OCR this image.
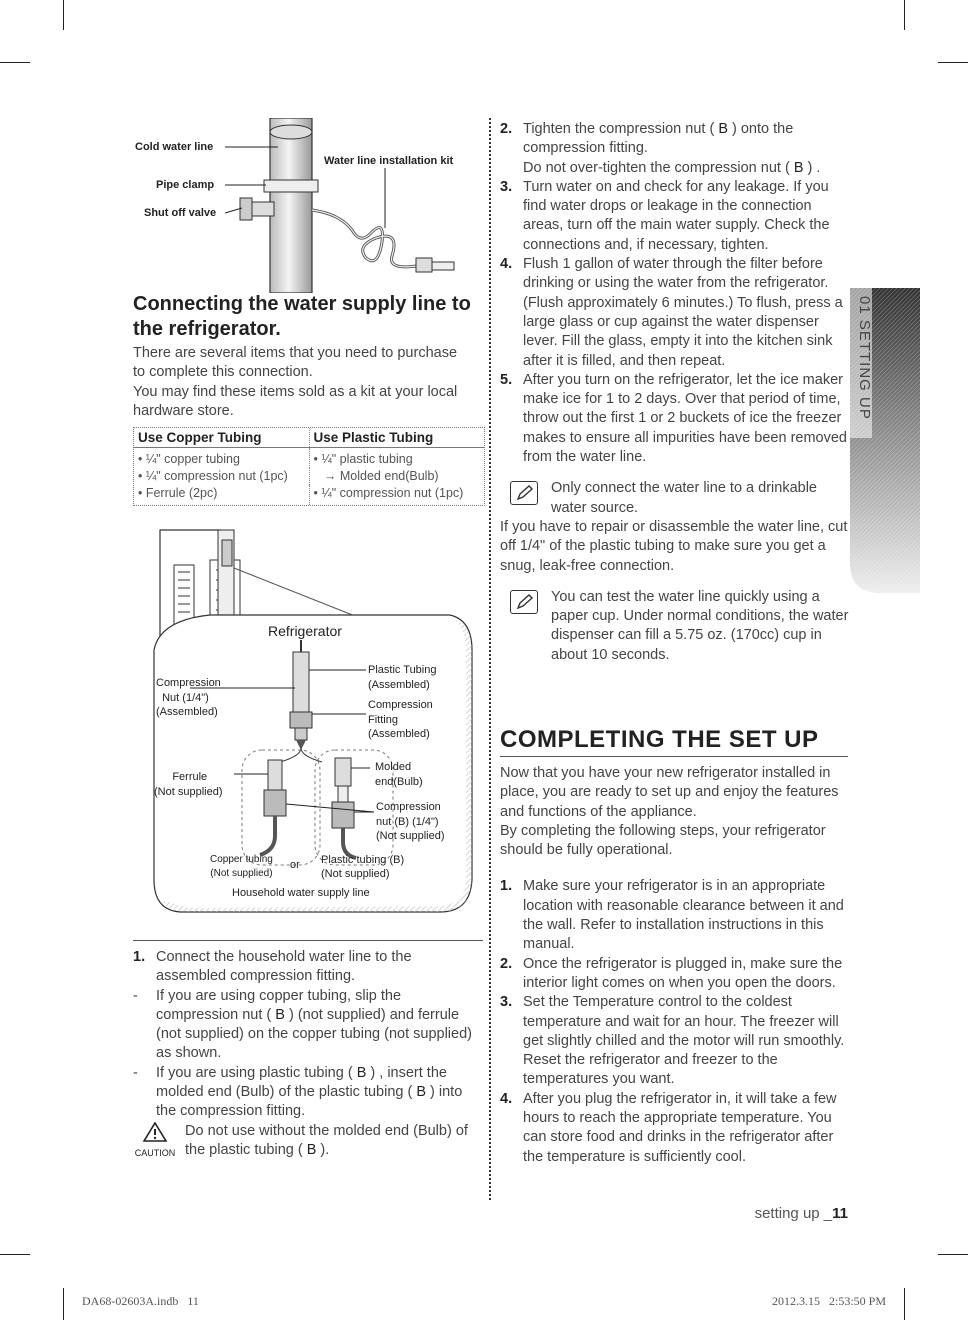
Cold water line
Pipe clamp
Shut off valve
Water line installation kit
Connecting the water supply line to
the refrigerator.
There are several items that you need to purchase
to complete this connection.
You may find these items sold as a kit at your local
hardware store.
Use Copper Tubing	Use Plastic Tubing
• ¼" copper tubing	• ¼" plastic tubing
• ¼" compression nut (1pc)	→ Molded end(Bulb)
• Ferrule (2pc)	• ¼" compression nut (1pc)
Refrigerator
Compression
Nut (1/4")
(Assembled)
Plastic Tubing
(Assembled)
Compression
Fitting
(Assembled)
Ferrule
(Not supplied)
Molded
end(Bulb)
Compression
nut (B) (1/4")
(Not supplied)
Copper tubing
(Not supplied)
or Plastic tubing (B)
(Not supplied)
Household water supply line
1. Connect the household water line to the assembled compression fitting.
- If you are using copper tubing, slip the compression nut ( B ) (not supplied) and ferrule (not supplied) on the copper tubing (not supplied) as shown.
- If you are using plastic tubing ( B ) , insert the molded end (Bulb) of the plastic tubing ( B ) into the compression fitting.
CAUTION
Do not use without the molded end (Bulb) of the plastic tubing ( B ).
2. Tighten the compression nut ( B ) onto the compression fitting.
Do not over-tighten the compression nut ( B ) .
3. Turn water on and check for any leakage. If you find water drops or leakage in the connection areas, turn off the main water supply. Check the connections and, if necessary, tighten.
4. Flush 1 gallon of water through the filter before drinking or using the water from the refrigerator. (Flush approximately 6 minutes.) To flush, press a large glass or cup against the water dispenser lever. Fill the glass, empty it into the kitchen sink after it is filled, and then repeat.
5. After you turn on the refrigerator, let the ice maker make ice for 1 to 2 days. Over that period of time, throw out the first 1 or 2 buckets of ice the freezer makes to ensure all impurities have been removed from the water line.
Only connect the water line to a drinkable water source.
If you have to repair or disassemble the water line, cut off 1/4" of the plastic tubing to make sure you get a snug, leak-free connection.
You can test the water line quickly using a paper cup. Under normal conditions, the water dispenser can fill a 5.75 oz. (170cc) cup in about 10 seconds.
COMPLETING THE SET UP
Now that you have your new refrigerator installed in place, you are ready to set up and enjoy the features and functions of the appliance.
By completing the following steps, your refrigerator should be fully operational.
1. Make sure your refrigerator is in an appropriate location with reasonable clearance between it and the wall. Refer to installation instructions in this manual.
2. Once the refrigerator is plugged in, make sure the interior light comes on when you open the doors.
3. Set the Temperature control to the coldest temperature and wait for an hour. The freezer will get slightly chilled and the motor will run smoothly. Reset the refrigerator and freezer to the temperatures you want.
4. After you plug the refrigerator in, it will take a few hours to reach the appropriate temperature. You can store food and drinks in the refrigerator after the temperature is sufficiently cool.
01 SETTING UP
setting up _11
DA68-02603A.indb   11	2012.3.15   2:53:50 PM
